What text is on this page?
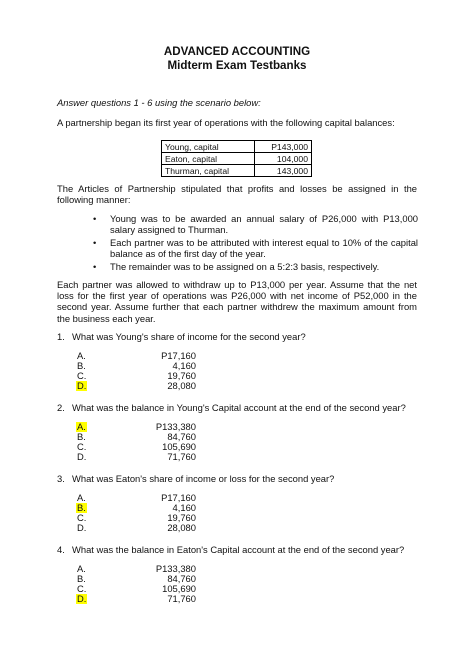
ADVANCED ACCOUNTING
Midterm Exam Testbanks
Answer questions 1 - 6 using the scenario below:
A partnership began its first year of operations with the following capital balances:
Young, capital	P143,000
Eaton, capital	104,000
Thurman, capital	143,000
The Articles of Partnership stipulated that profits and losses be assigned in the following manner:
• Young was to be awarded an annual salary of P26,000 with P13,000 salary assigned to Thurman.
• Each partner was to be attributed with interest equal to 10% of the capital balance as of the first day of the year.
• The remainder was to be assigned on a 5:2:3 basis, respectively.
Each partner was allowed to withdraw up to P13,000 per year. Assume that the net loss for the first year of operations was P26,000 with net income of P52,000 in the second year. Assume further that each partner withdrew the maximum amount from the business each year.
1. What was Young's share of income for the second year?
A.	P17,160
B.	4,160
C.	19,760
D.	28,080
2. What was the balance in Young's Capital account at the end of the second year?
A.	P133,380
B.	84,760
C.	105,690
D.	71,760
3. What was Eaton's share of income or loss for the second year?
A.	P17,160
B.	4,160
C.	19,760
D.	28,080
4. What was the balance in Eaton's Capital account at the end of the second year?
A.	P133,380
B.	84,760
C.	105,690
D.	71,760
